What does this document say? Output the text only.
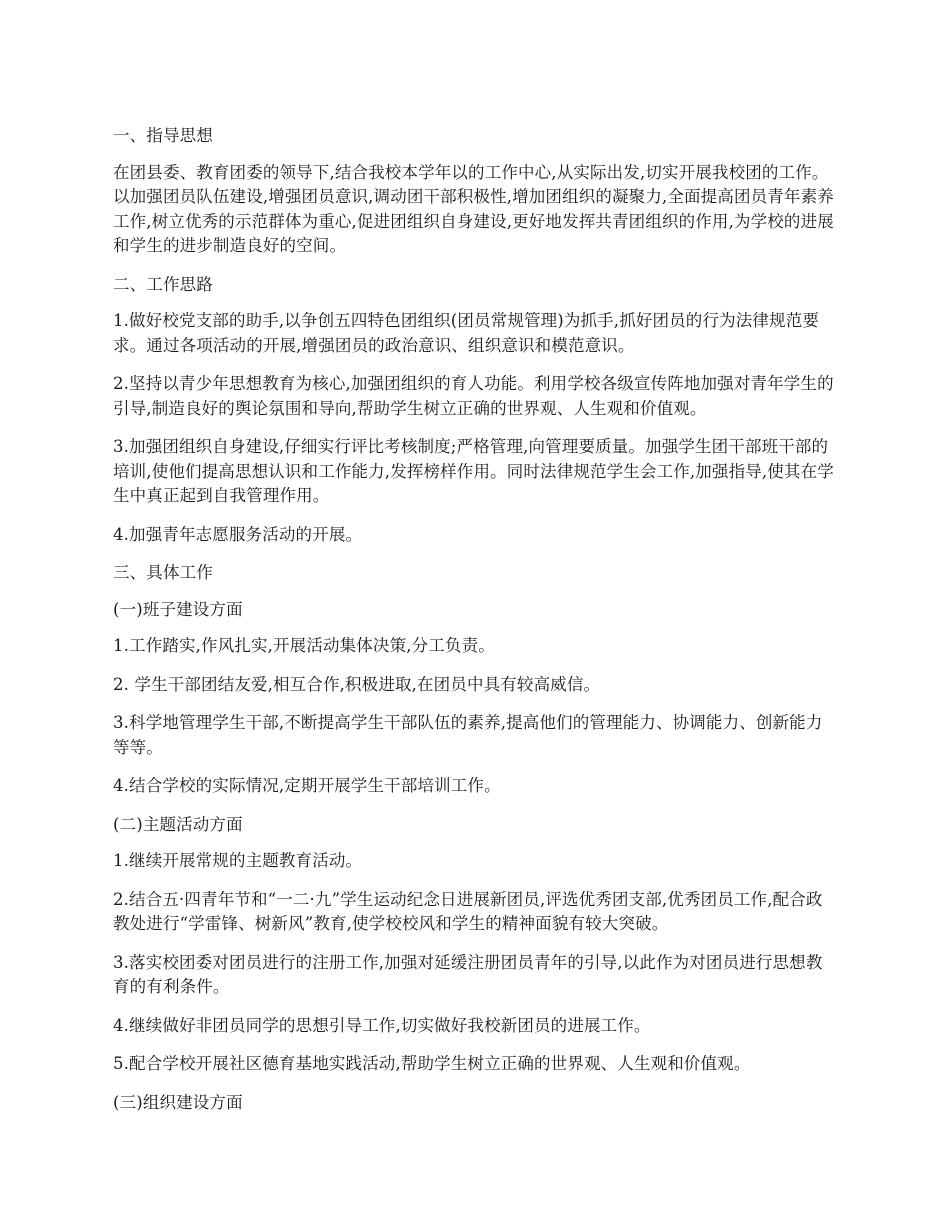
一、指导思想

在团县委、教育团委的领导下,结合我校本学年以的工作中心,从实际出发,切实开展我校团的工作。以加强团员队伍建设,增强团员意识,调动团干部积极性,增加团组织的凝聚力,全面提高团员青年素养工作,树立优秀的示范群体为重心,促进团组织自身建设,更好地发挥共青团组织的作用,为学校的进展和学生的进步制造良好的空间。

二、工作思路

1.做好校党支部的助手,以争创五四特色团组织(团员常规管理)为抓手,抓好团员的行为法律规范要求。通过各项活动的开展,增强团员的政治意识、组织意识和模范意识。

2.坚持以青少年思想教育为核心,加强团组织的育人功能。利用学校各级宣传阵地加强对青年学生的引导,制造良好的舆论氛围和导向,帮助学生树立正确的世界观、人生观和价值观。

3.加强团组织自身建设,仔细实行评比考核制度;严格管理,向管理要质量。加强学生团干部班干部的培训,使他们提高思想认识和工作能力,发挥榜样作用。同时法律规范学生会工作,加强指导,使其在学生中真正起到自我管理作用。

4.加强青年志愿服务活动的开展。

三、具体工作

(一)班子建设方面

1.工作踏实,作风扎实,开展活动集体决策,分工负责。

2. 学生干部团结友爱,相互合作,积极进取,在团员中具有较高威信。

3.科学地管理学生干部,不断提高学生干部队伍的素养,提高他们的管理能力、协调能力、创新能力等等。

4.结合学校的实际情况,定期开展学生干部培训工作。

(二)主题活动方面

1.继续开展常规的主题教育活动。

2.结合五·四青年节和“一二·九”学生运动纪念日进展新团员,评选优秀团支部,优秀团员工作,配合政教处进行“学雷锋、树新风”教育,使学校校风和学生的精神面貌有较大突破。

3.落实校团委对团员进行的注册工作,加强对延缓注册团员青年的引导,以此作为对团员进行思想教育的有利条件。

4.继续做好非团员同学的思想引导工作,切实做好我校新团员的进展工作。

5.配合学校开展社区德育基地实践活动,帮助学生树立正确的世界观、人生观和价值观。

(三)组织建设方面
